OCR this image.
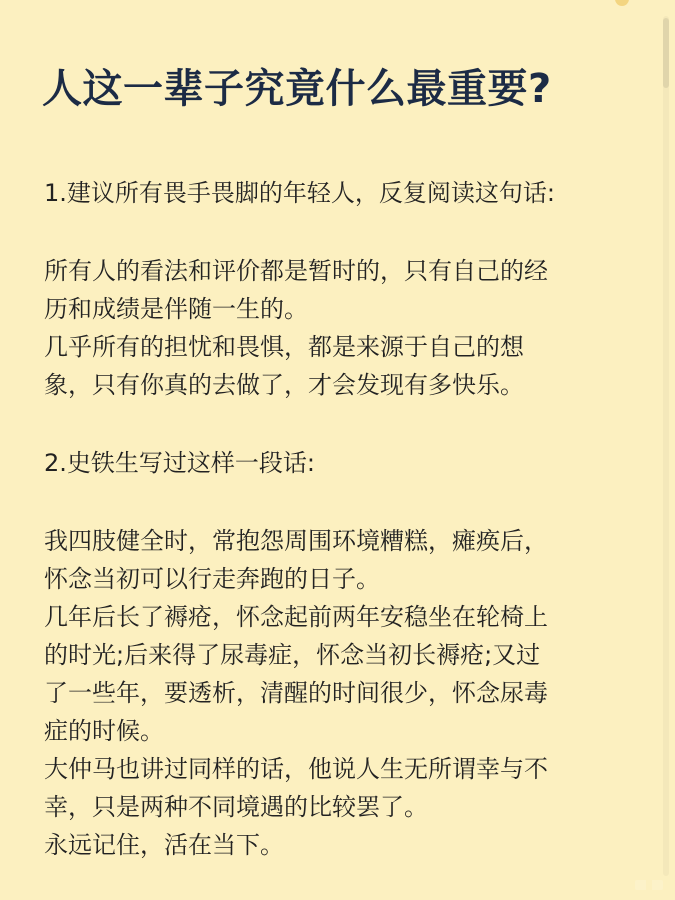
人这一辈子究竟什么最重要?
1.建议所有畏手畏脚的年轻人，反复阅读这句话:
所有人的看法和评价都是暂时的，只有自己的经
历和成绩是伴随一生的。
几乎所有的担忧和畏惧，都是来源于自己的想
象，只有你真的去做了，才会发现有多快乐。
2.史铁生写过这样一段话:
我四肢健全时，常抱怨周围环境糟糕，瘫痪后，
怀念当初可以行走奔跑的日子。
几年后长了褥疮，怀念起前两年安稳坐在轮椅上
的时光;后来得了尿毒症，怀念当初长褥疮;又过
了一些年，要透析，清醒的时间很少，怀念尿毒
症的时候。
大仲马也讲过同样的话，他说人生无所谓幸与不
幸，只是两种不同境遇的比较罢了。
永远记住，活在当下。
